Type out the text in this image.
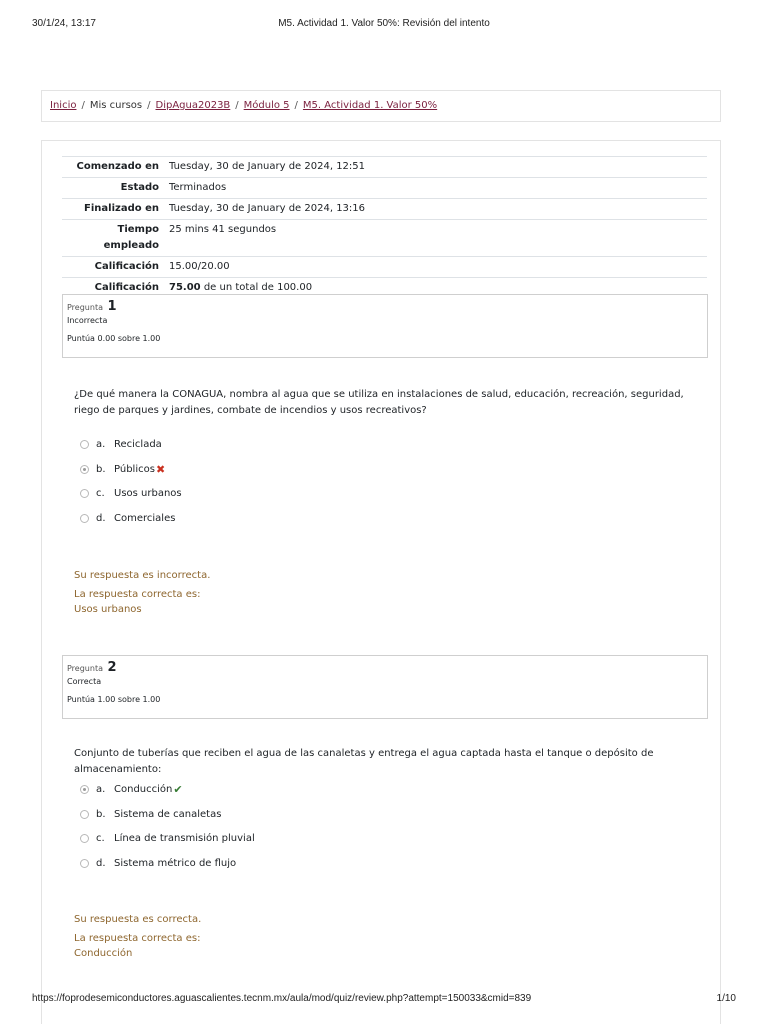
30/1/24, 13:17	M5. Actividad 1. Valor 50%: Revisión del intento
Inicio / Mis cursos / DipAgua2023B / Módulo 5 / M5. Actividad 1. Valor 50%
Comenzado en	Tuesday, 30 de January de 2024, 12:51
Estado	Terminados
Finalizado en	Tuesday, 30 de January de 2024, 13:16
Tiempo
empleado	25 mins 41 segundos
Calificación	15.00/20.00
Calificación	75.00 de un total de 100.00
Pregunta 1
Incorrecta
Puntúa 0.00 sobre 1.00
¿De qué manera la CONAGUA, nombra al agua que se utiliza en instalaciones de salud, educación, recreación, seguridad, riego de parques y jardines, combate de incendios y usos recreativos?
a. Reciclada
b. Públicos ✖
c. Usos urbanos
d. Comerciales
Su respuesta es incorrecta.
La respuesta correcta es:
Usos urbanos
Pregunta 2
Correcta
Puntúa 1.00 sobre 1.00
Conjunto de tuberías que reciben el agua de las canaletas y entrega el agua captada hasta el tanque o depósito de almacenamiento:
a. Conducción ✔
b. Sistema de canaletas
c. Línea de transmisión pluvial
d. Sistema métrico de flujo
Su respuesta es correcta.
La respuesta correcta es:
Conducción
https://foprodesemiconductores.aguascalientes.tecnm.mx/aula/mod/quiz/review.php?attempt=150033&cmid=839	1/10
